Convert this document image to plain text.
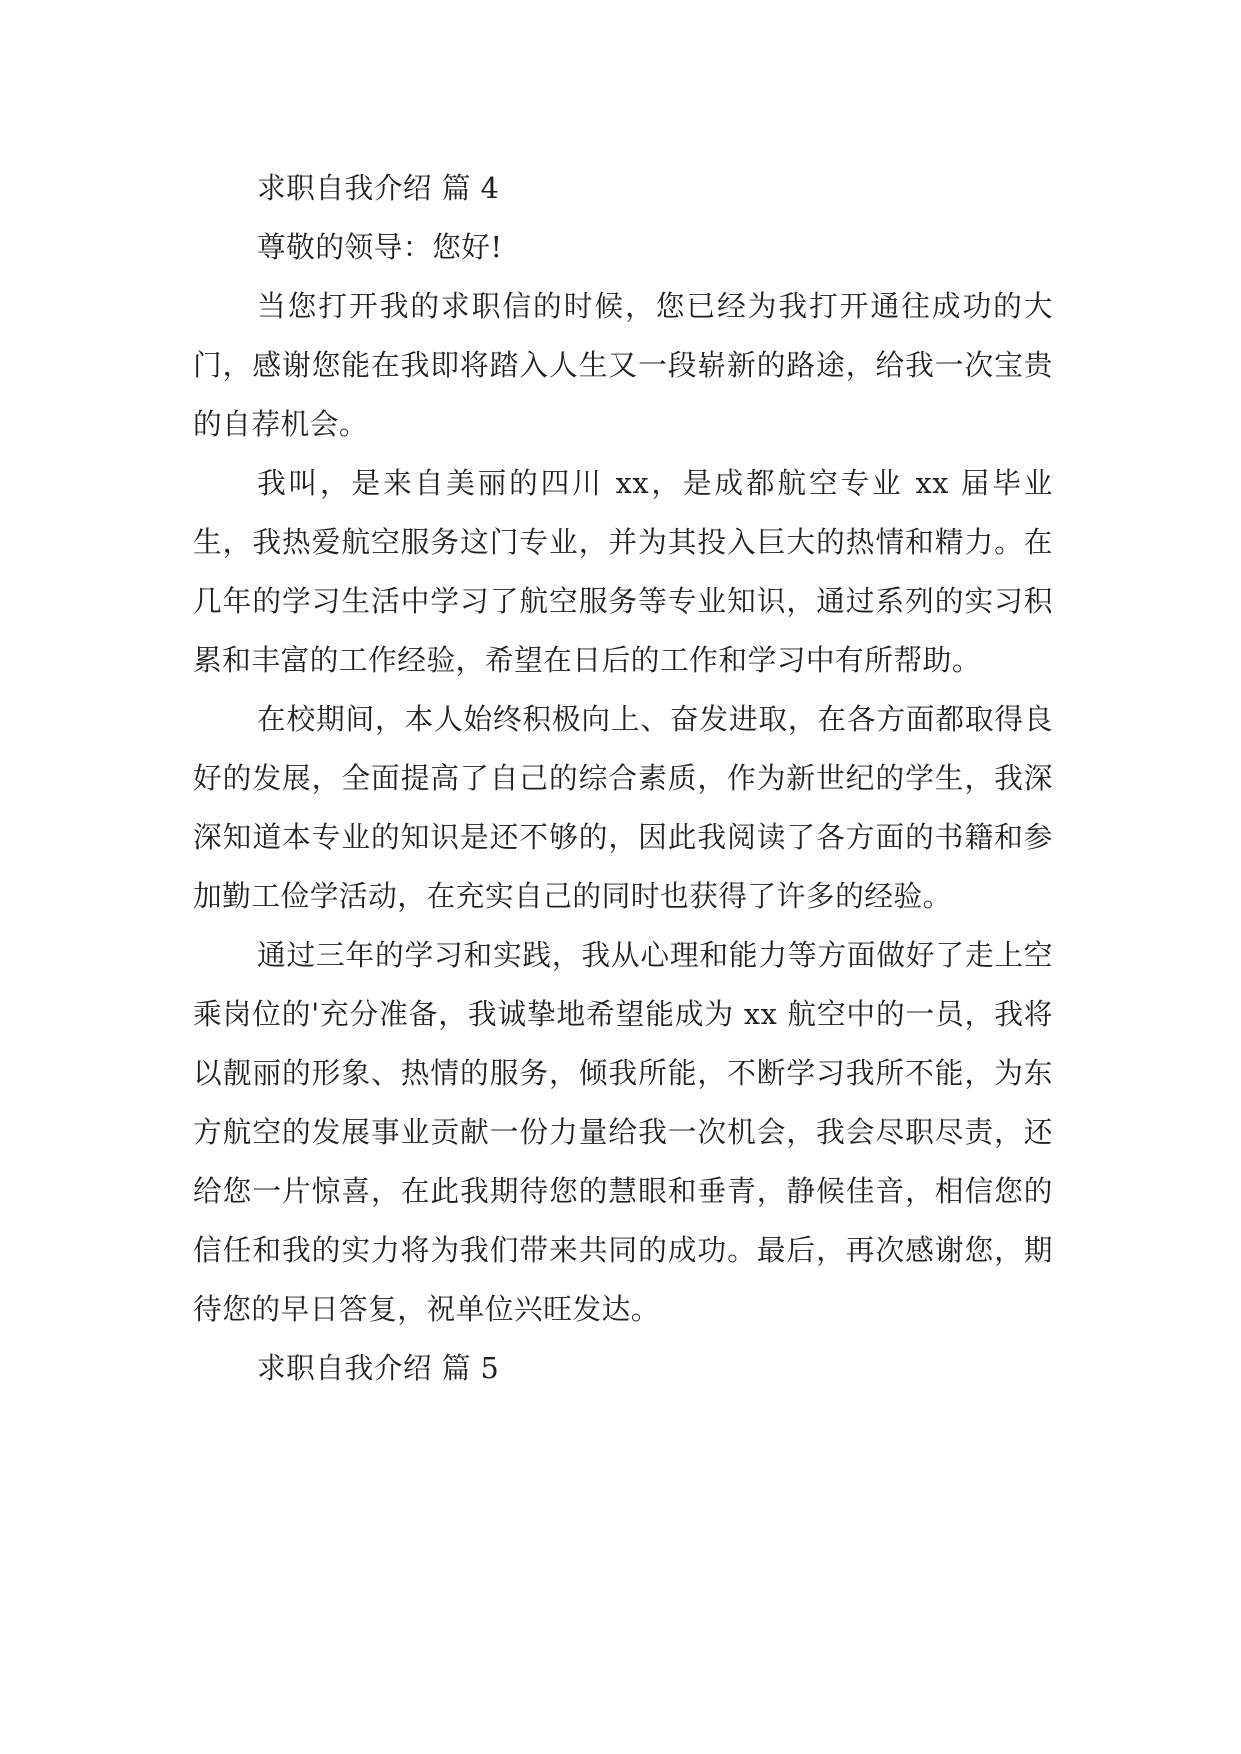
求职自我介绍 篇 4

尊敬的领导：您好!

当您打开我的求职信的时候，您已经为我打开通往成功的大门，感谢您能在我即将踏入人生又一段崭新的路途，给我一次宝贵的自荐机会。

我叫，是来自美丽的四川 xx，是成都航空专业 xx 届毕业生，我热爱航空服务这门专业，并为其投入巨大的热情和精力。在几年的学习生活中学习了航空服务等专业知识，通过系列的实习积累和丰富的工作经验，希望在日后的工作和学习中有所帮助。

在校期间，本人始终积极向上、奋发进取，在各方面都取得良好的发展，全面提高了自己的综合素质，作为新世纪的学生，我深深知道本专业的知识是还不够的，因此我阅读了各方面的书籍和参加勤工俭学活动，在充实自己的同时也获得了许多的经验。

通过三年的学习和实践，我从心理和能力等方面做好了走上空乘岗位的'充分准备，我诚挚地希望能成为 xx 航空中的一员，我将以靓丽的形象、热情的服务，倾我所能，不断学习我所不能，为东方航空的发展事业贡献一份力量给我一次机会，我会尽职尽责，还给您一片惊喜，在此我期待您的慧眼和垂青，静候佳音，相信您的信任和我的实力将为我们带来共同的成功。最后，再次感谢您，期待您的早日答复，祝单位兴旺发达。

求职自我介绍 篇 5
